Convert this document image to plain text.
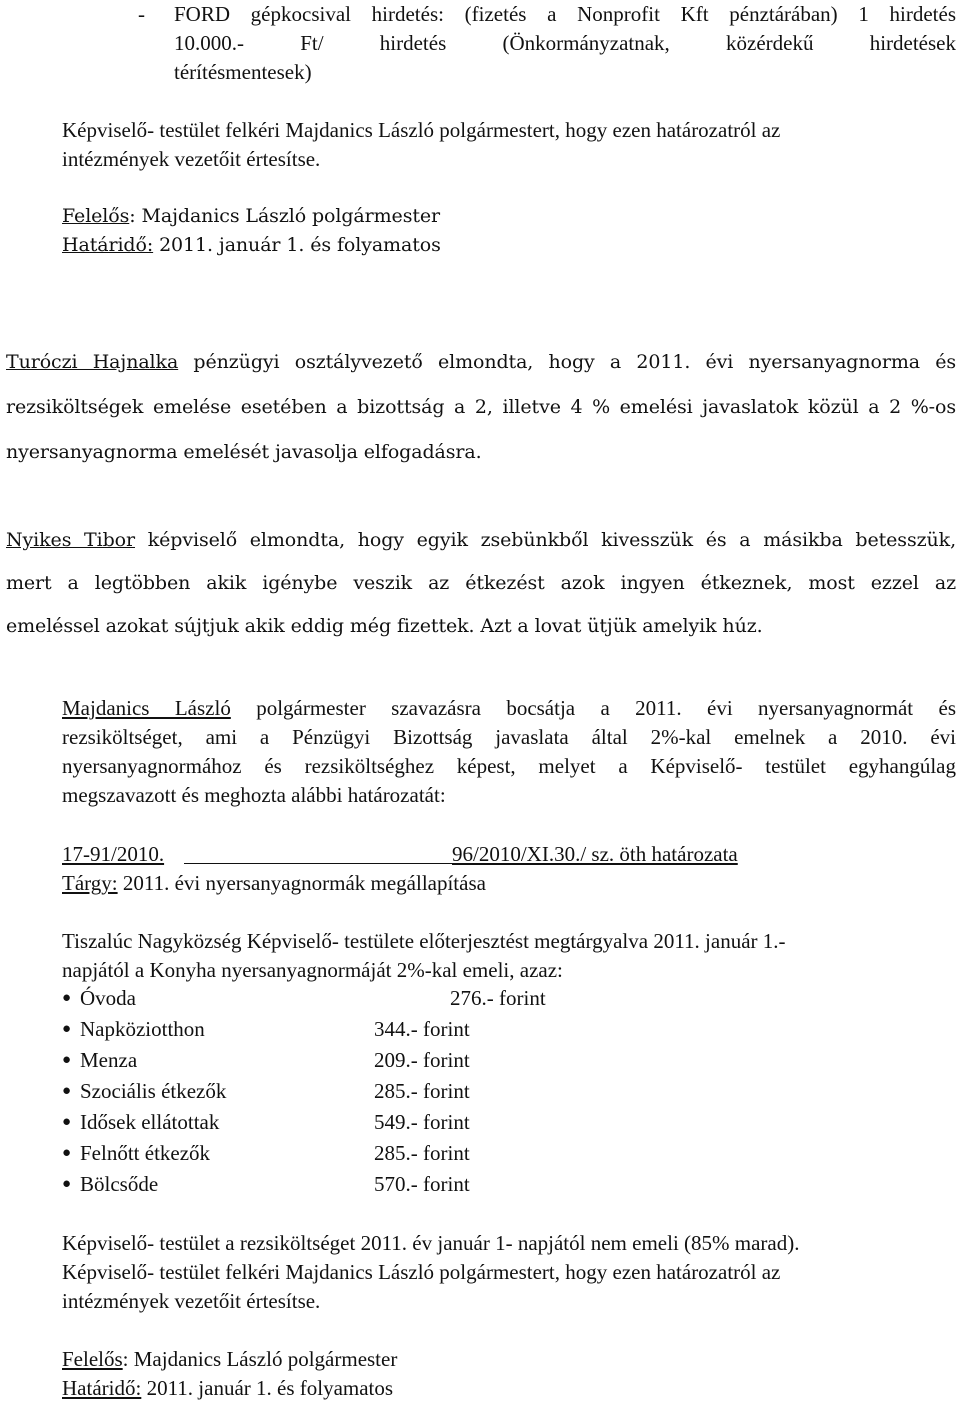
- FORD gépkocsival hirdetés: (fizetés a Nonprofit Kft pénztárában) 1 hirdetés
10.000.- Ft/ hirdetés (Önkormányzatnak, közérdekű hirdetések
térítésmentesek)
Képviselő- testület felkéri Majdanics László polgármestert, hogy ezen határozatról az
intézmények vezetőit értesítse.
Felelős: Majdanics László polgármester
Határidő: 2011. január 1. és folyamatos
Turóczi Hajnalka pénzügyi osztályvezető elmondta, hogy a 2011. évi nyersanyagnorma és
rezsiköltségek emelése esetében a bizottság a 2, illetve 4 % emelési javaslatok közül a 2 %-os
nyersanyagnorma emelését javasolja elfogadásra.
Nyikes Tibor képviselő elmondta, hogy egyik zsebünkből kivesszük és a másikba betesszük,
mert a legtöbben akik igénybe veszik az étkezést azok ingyen étkeznek, most ezzel az
emeléssel azokat sújtjuk akik eddig még fizettek. Azt a lovat ütjük amelyik húz.
Majdanics László polgármester szavazásra bocsátja a 2011. évi nyersanyagnormát és
rezsiköltséget, ami a Pénzügyi Bizottság javaslata által 2%-kal emelnek a 2010. évi
nyersanyagnormához és rezsiköltséghez képest, melyet a Képviselő- testület egyhangúlag
megszavazott és meghozta alábbi határozatát:
17-91/2010.	96/2010/XI.30./ sz. öth határozata
Tárgy: 2011. évi nyersanyagnormák megállapítása
Tiszalúc Nagyközség Képviselő- testülete előterjesztést megtárgyalva 2011. január 1.-
napjától a Konyha nyersanyagnormáját 2%-kal emeli, azaz:
● Óvoda	276.- forint
● Napköziotthon	344.- forint
● Menza	209.- forint
● Szociális étkezők	285.- forint
● Idősek ellátottak	549.- forint
● Felnőtt étkezők	285.- forint
● Bölcsőde	570.- forint
Képviselő- testület a rezsiköltséget 2011. év január 1- napjától nem emeli (85% marad).
Képviselő- testület felkéri Majdanics László polgármestert, hogy ezen határozatról az
intézmények vezetőit értesítse.
Felelős: Majdanics László polgármester
Határidő: 2011. január 1. és folyamatos
